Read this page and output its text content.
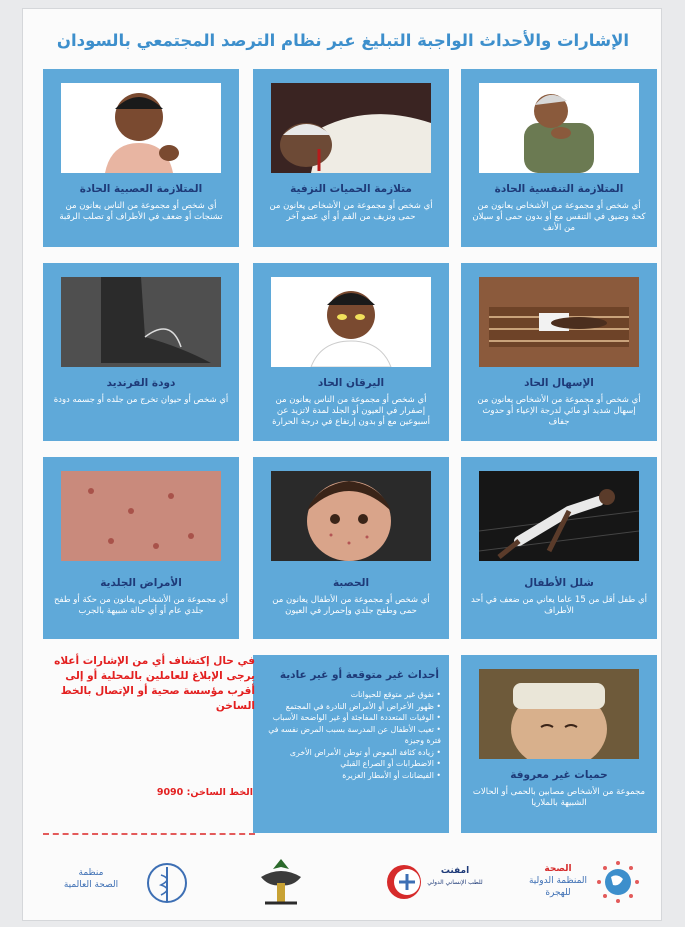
الإشارات والأحداث الواجبة التبليغ عبر نظام الترصد المجتمعي بالسودان
المتلازمة التنفسية الحادة
أي شخص أو مجموعة من الأشخاص يعانون من كحة وضيق في التنفس مع أو بدون حمى أو سيلان من الأنف
متلازمة الحميات النزفية
أي شخص أو مجموعة من الأشخاص يعانون من حمى ونزيف من الفم أو أي عضو آخر
المتلازمة العصبية الحادة
أي شخص أو مجموعة من الناس يعانون من تشنجات أو ضعف في الأطراف أو تصلب الرقبة
الإسهال الحاد
أي شخص أو مجموعة من الأشخاص يعانون من إسهال شديد أو مائي لدرجة الإعياء أو حدوث جفاف
اليرقان الحاد
أي شخص أو مجموعة من الناس يعانون من إصفرار في العيون أو الجلد لمدة لاتزيد عن أسبوعين مع أو بدون إرتفاع في درجة الحرارة
دودة الفرنديد
أي شخص أو حيوان تخرج من جلده أو جسمه دودة
شلل الأطفال
أي طفل أقل من 15 عاما يعاني من ضعف في أحد الأطراف
الحصبة
أي شخص أو مجموعة من الأطفال يعانون من حمى وطفح جلدي وإحمرار في العيون
الأمراض الجلدية
أي مجموعة من الأشخاص يعانون من حكة أو طفح جلدي عام أو أي حالة شبيهة بالجرب
حميات غير معروفة
مجموعة من الأشخاص مصابين بالحمى أو الحالات الشبيهة بالملاريا
أحداث غير متوقعة أو غير عادية
• نفوق غير متوقع للحيوانات
• ظهور الأعراض أو الأمراض النادرة في المجتمع
• الوفيات المتعددة المفاجئة أو غير الواضحة الأسباب
• تغيب الأطفال عن المدرسة بسبب المرض نفسه في فترة وجيزة
• زيادة كثافة البعوض أو توطن الأمراض الأخرى
• الاضطرابات أو الصراع القبلي
• الفيضانات أو الأمطار الغزيرة
في حال إكتشاف أي من الإشارات أعلاه يرجى الإبلاغ للعاملين بالمحلية أو إلى أقرب مؤسسة صحية أو الإتصال بالخط الساخن
الخط الساخن: 9090
منظمة
الصحة العالمية
امفنت
للطب الإنساني الدولي
الصحة
المنظمة الدولية
للهجرة
